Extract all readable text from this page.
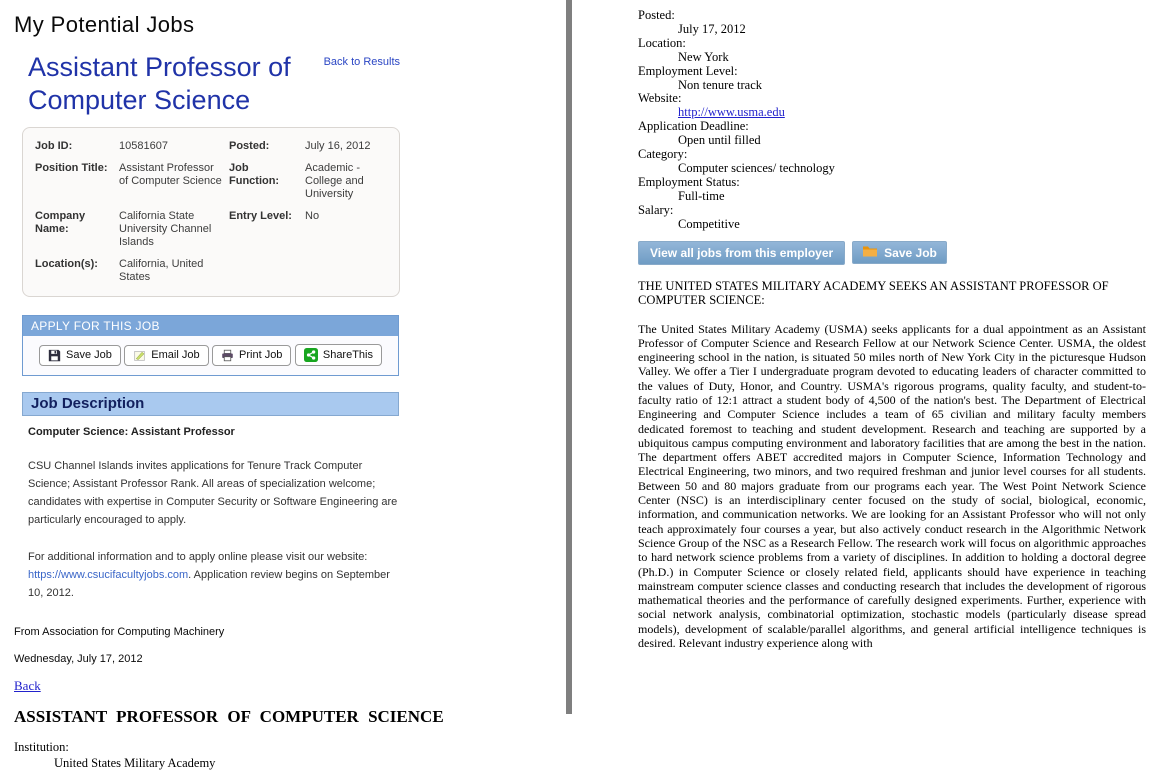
My Potential Jobs
Assistant Professor of Computer Science
Back to Results
Job ID:	10581607	Posted:	July 16, 2012
Position Title:	Assistant Professor of Computer Science
Job Function:
Academic - College and University
Company Name:
California State University Channel Islands
Entry Level:	No
Location(s):	California, United States
APPLY FOR THIS JOB
Save Job	Email Job	Print Job	ShareThis
Job Description

Computer Science: Assistant Professor

CSU Channel Islands invites applications for Tenure Track Computer Science; Assistant Professor Rank. All areas of specialization welcome; candidates with expertise in Computer Security or Software Engineering are particularly encouraged to apply.

For additional information and to apply online please visit our website: https://www.csucifacultyjobs.com. Application review begins on September 10, 2012.

From Association for Computing Machinery
Wednesday, July 17, 2012
Back
ASSISTANT PROFESSOR OF COMPUTER SCIENCE
Institution:
United States Military Academy
Posted:
July 17, 2012
Location:
New York
Employment Level:
Non tenure track
Website:
http://www.usma.edu
Application Deadline:
Open until filled
Category:
Computer sciences/ technology
Employment Status:
Full-time
Salary:
Competitive
View all jobs from this employer	Save Job

THE UNITED STATES MILITARY ACADEMY SEEKS AN ASSISTANT PROFESSOR OF COMPUTER SCIENCE:

The United States Military Academy (USMA) seeks applicants for a dual appointment as an Assistant Professor of Computer Science and Research Fellow at our Network Science Center. USMA, the oldest engineering school in the nation, is situated 50 miles north of New York City in the picturesque Hudson Valley. We offer a Tier I undergraduate program devoted to educating leaders of character committed to the values of Duty, Honor, and Country. USMA's rigorous programs, quality faculty, and student-to-faculty ratio of 12:1 attract a student body of 4,500 of the nation's best. The Department of Electrical Engineering and Computer Science includes a team of 65 civilian and military faculty members dedicated foremost to teaching and student development. Research and teaching are supported by a ubiquitous campus computing environment and laboratory facilities that are among the best in the nation. The department offers ABET accredited majors in Computer Science, Information Technology and Electrical Engineering, two minors, and two required freshman and junior level courses for all students. Between 50 and 80 majors graduate from our programs each year. The West Point Network Science Center (NSC) is an interdisciplinary center focused on the study of social, biological, economic, information, and communication networks. We are looking for an Assistant Professor who will not only teach approximately four courses a year, but also actively conduct research in the Algorithmic Network Science Group of the NSC as a Research Fellow. The research work will focus on algorithmic approaches to hard network science problems from a variety of disciplines. In addition to holding a doctoral degree (Ph.D.) in Computer Science or closely related field, applicants should have experience in teaching mainstream computer science classes and conducting research that includes the development of rigorous mathematical theories and the performance of carefully designed experiments. Further, experience with social network analysis, combinatorial optimization, stochastic models (particularly disease spread models), development of scalable/parallel algorithms, and general artificial intelligence techniques is desired. Relevant industry experience along with
